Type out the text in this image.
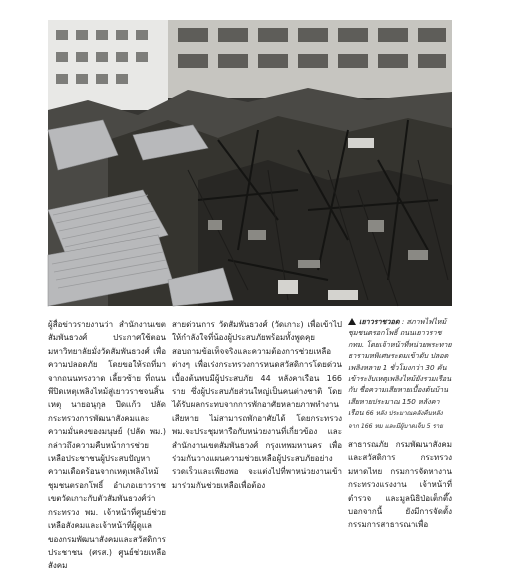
ผู้สื่อข่าวรายงานว่า สำนักงานเขตสัมพันธวงศ์ ประกาศใช้ตอนมหาวิทยาลัยมั่งวัดสัมพันธวงศ์ เพื่อความปลอดภัย โดยขอให้รถที่มาจากถนนทรงวาด เลี้ยวซ้าย ที่ถนนพีปิดเหตุเพลิงไหม้สู่เยาวราชจนสิ้นเหตุ นายอนุกุล ปีดเเก้ว ปลัดกระทรวงการพัฒนาสังคมและความมั่นคงของมนุษย์ (ปลัด พม.) กล่าวถึงความคืบหน้าการช่วยเหลือประชาชนผู้ประสบปัญหาความเดือดร้อนจากเหตุเพลิงไหม้ชุมชนตรอกโพธิ์ อำเภอเยาวราช เขตวัดเกาะกับตัวสัมพันธวงศ์ว่า กระทรวง พม. เจ้าหน้าที่ศูนย์ช่วยเหลือสังคมและเจ้าหน้าที่ผู้ดูแลของกรมพัฒนาสังคมและสวัสดิการ ประชาชน (ศรส.) ศูนย์ช่วยเหลือสังคม

สายด่วนการ วัดสัมพันธวงศ์ (วัดเกาะ) เพื่อเข้าไปให้กำลังใจที่น้องผู้ประสบภัยพร้อมทั้งพูดคุยสอบถามข้อเท็จจริงและความต้องการช่วยเหลือต่างๆ เพื่อเร่งกระทรวงการหนดสวัสดิการโดยด่วน เบื้องต้นพบมีผู้ประสบภัย 44 หลังคาเรือน 166 ราย ซึ่งผู้ประสบภัยส่วนใหญ่เป็นคนต่างชาติ โดยได้รับผลกระทบจากการพักอาศัยหลายภาพทำงานเสียหาย ไม่สามารถพักอาศัยได้ โดยกระทรวง พม.จะประชุมหารือกับหน่วยงานที่เกี่ยวข้อง และสำนักงานเขตสัมพันธวงศ์ กรุงเทพมหานคร เพื่อร่วมกันวางแผนความช่วยเหลือผู้ประสบภัยอย่างรวดเร็วและเพียงพอ จะแต่งไปที่พาหน่วยงานเข้ามาร่วมกันช่วยเหลือเพื่อต้อง

เยาวราชวอด : สภาพไฟไหม้ชุมชนตรอกโพธิ์ ถนนเยาวราช กทม. โดยเจ้าหน้าที่หน่วยพระทาย ธารามหพิเศษระดมเข้าดับ ปลอดเพลิงหลาย 1 ชั่วโมงกว่า 30 คันเข้าระงับเหตุเพลิงไหม้ยังรวมเรือนกับ ชื่อความเสียหายเบื้องต้นบ้านเสียหายประมาณ 150 หลังคาเรือน 66 หลัง ประมาณคลังคืนหลังจาก 166 หม และมีผู้บาดเจ็บ 5 ราย

สาธารณภัย กรมพัฒนาสังคมและสวัสดิการ กระทรวงมหาดไทย กรมการจัดหางาน กระทรวงแรงงาน เจ้าหน้าที่ตำรวจ และมูลนิธิป่อเต็กตึ๊ง บอกจากนี้ ยังมีการจัดตั้งกรรมการสาธารณาเพื่อ
